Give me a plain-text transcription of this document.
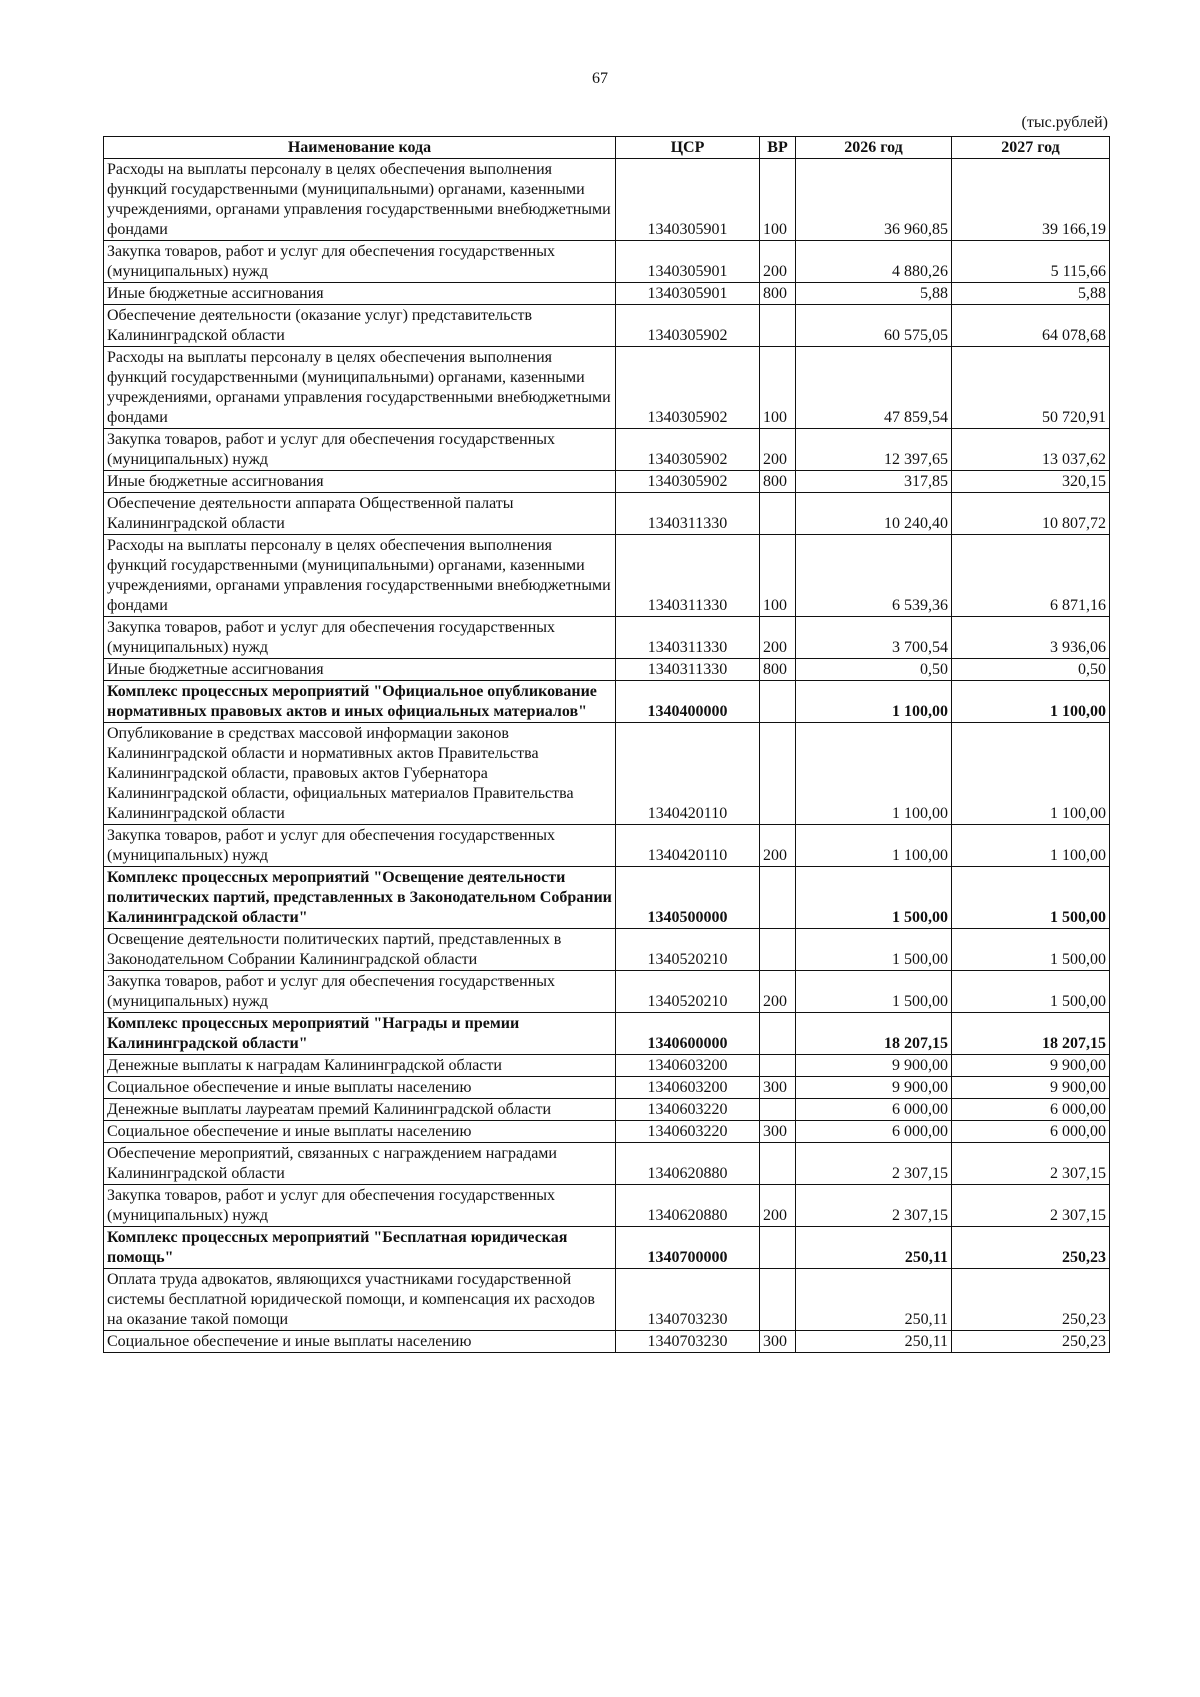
67
(тыс.рублей)
Наименование кода	ЦСР	ВР	2026 год	2027 год
Расходы на выплаты персоналу в целях обеспечения выполнения функций государственными (муниципальными) органами, казенными учреждениями, органами управления государственными внебюджетными фондами	1340305901	100	36 960,85	39 166,19
Закупка товаров, работ и услуг для обеспечения государственных (муниципальных) нужд	1340305901	200	4 880,26	5 115,66
Иные бюджетные ассигнования	1340305901	800	5,88	5,88
Обеспечение деятельности (оказание услуг) представительств Калининградской области	1340305902		60 575,05	64 078,68
Расходы на выплаты персоналу в целях обеспечения выполнения функций государственными (муниципальными) органами, казенными учреждениями, органами управления государственными внебюджетными фондами	1340305902	100	47 859,54	50 720,91
Закупка товаров, работ и услуг для обеспечения государственных (муниципальных) нужд	1340305902	200	12 397,65	13 037,62
Иные бюджетные ассигнования	1340305902	800	317,85	320,15
Обеспечение деятельности аппарата Общественной палаты Калининградской области	1340311330		10 240,40	10 807,72
Расходы на выплаты персоналу в целях обеспечения выполнения функций государственными (муниципальными) органами, казенными учреждениями, органами управления государственными внебюджетными фондами	1340311330	100	6 539,36	6 871,16
Закупка товаров, работ и услуг для обеспечения государственных (муниципальных) нужд	1340311330	200	3 700,54	3 936,06
Иные бюджетные ассигнования	1340311330	800	0,50	0,50
Комплекс процессных мероприятий "Официальное опубликование нормативных правовых актов и иных официальных материалов"	1340400000		1 100,00	1 100,00
Опубликование в средствах массовой информации законов Калининградской области и нормативных актов Правительства Калининградской области, правовых актов Губернатора Калининградской области, официальных материалов Правительства Калининградской области	1340420110		1 100,00	1 100,00
Закупка товаров, работ и услуг для обеспечения государственных (муниципальных) нужд	1340420110	200	1 100,00	1 100,00
Комплекс процессных мероприятий "Освещение деятельности политических партий, представленных в Законодательном Собрании Калининградской области"	1340500000		1 500,00	1 500,00
Освещение деятельности политических партий, представленных в Законодательном Собрании Калининградской области	1340520210		1 500,00	1 500,00
Закупка товаров, работ и услуг для обеспечения государственных (муниципальных) нужд	1340520210	200	1 500,00	1 500,00
Комплекс процессных мероприятий "Награды и премии Калининградской области"	1340600000		18 207,15	18 207,15
Денежные выплаты к наградам Калининградской области	1340603200		9 900,00	9 900,00
Социальное обеспечение и иные выплаты населению	1340603200	300	9 900,00	9 900,00
Денежные выплаты лауреатам премий Калининградской области	1340603220		6 000,00	6 000,00
Социальное обеспечение и иные выплаты населению	1340603220	300	6 000,00	6 000,00
Обеспечение мероприятий, связанных с награждением наградами Калининградской области	1340620880		2 307,15	2 307,15
Закупка товаров, работ и услуг для обеспечения государственных (муниципальных) нужд	1340620880	200	2 307,15	2 307,15
Комплекс процессных мероприятий "Бесплатная юридическая помощь"	1340700000		250,11	250,23
Оплата труда адвокатов, являющихся участниками государственной системы бесплатной юридической помощи, и компенсация их расходов на оказание такой помощи	1340703230		250,11	250,23
Социальное обеспечение и иные выплаты населению	1340703230	300	250,11	250,23
